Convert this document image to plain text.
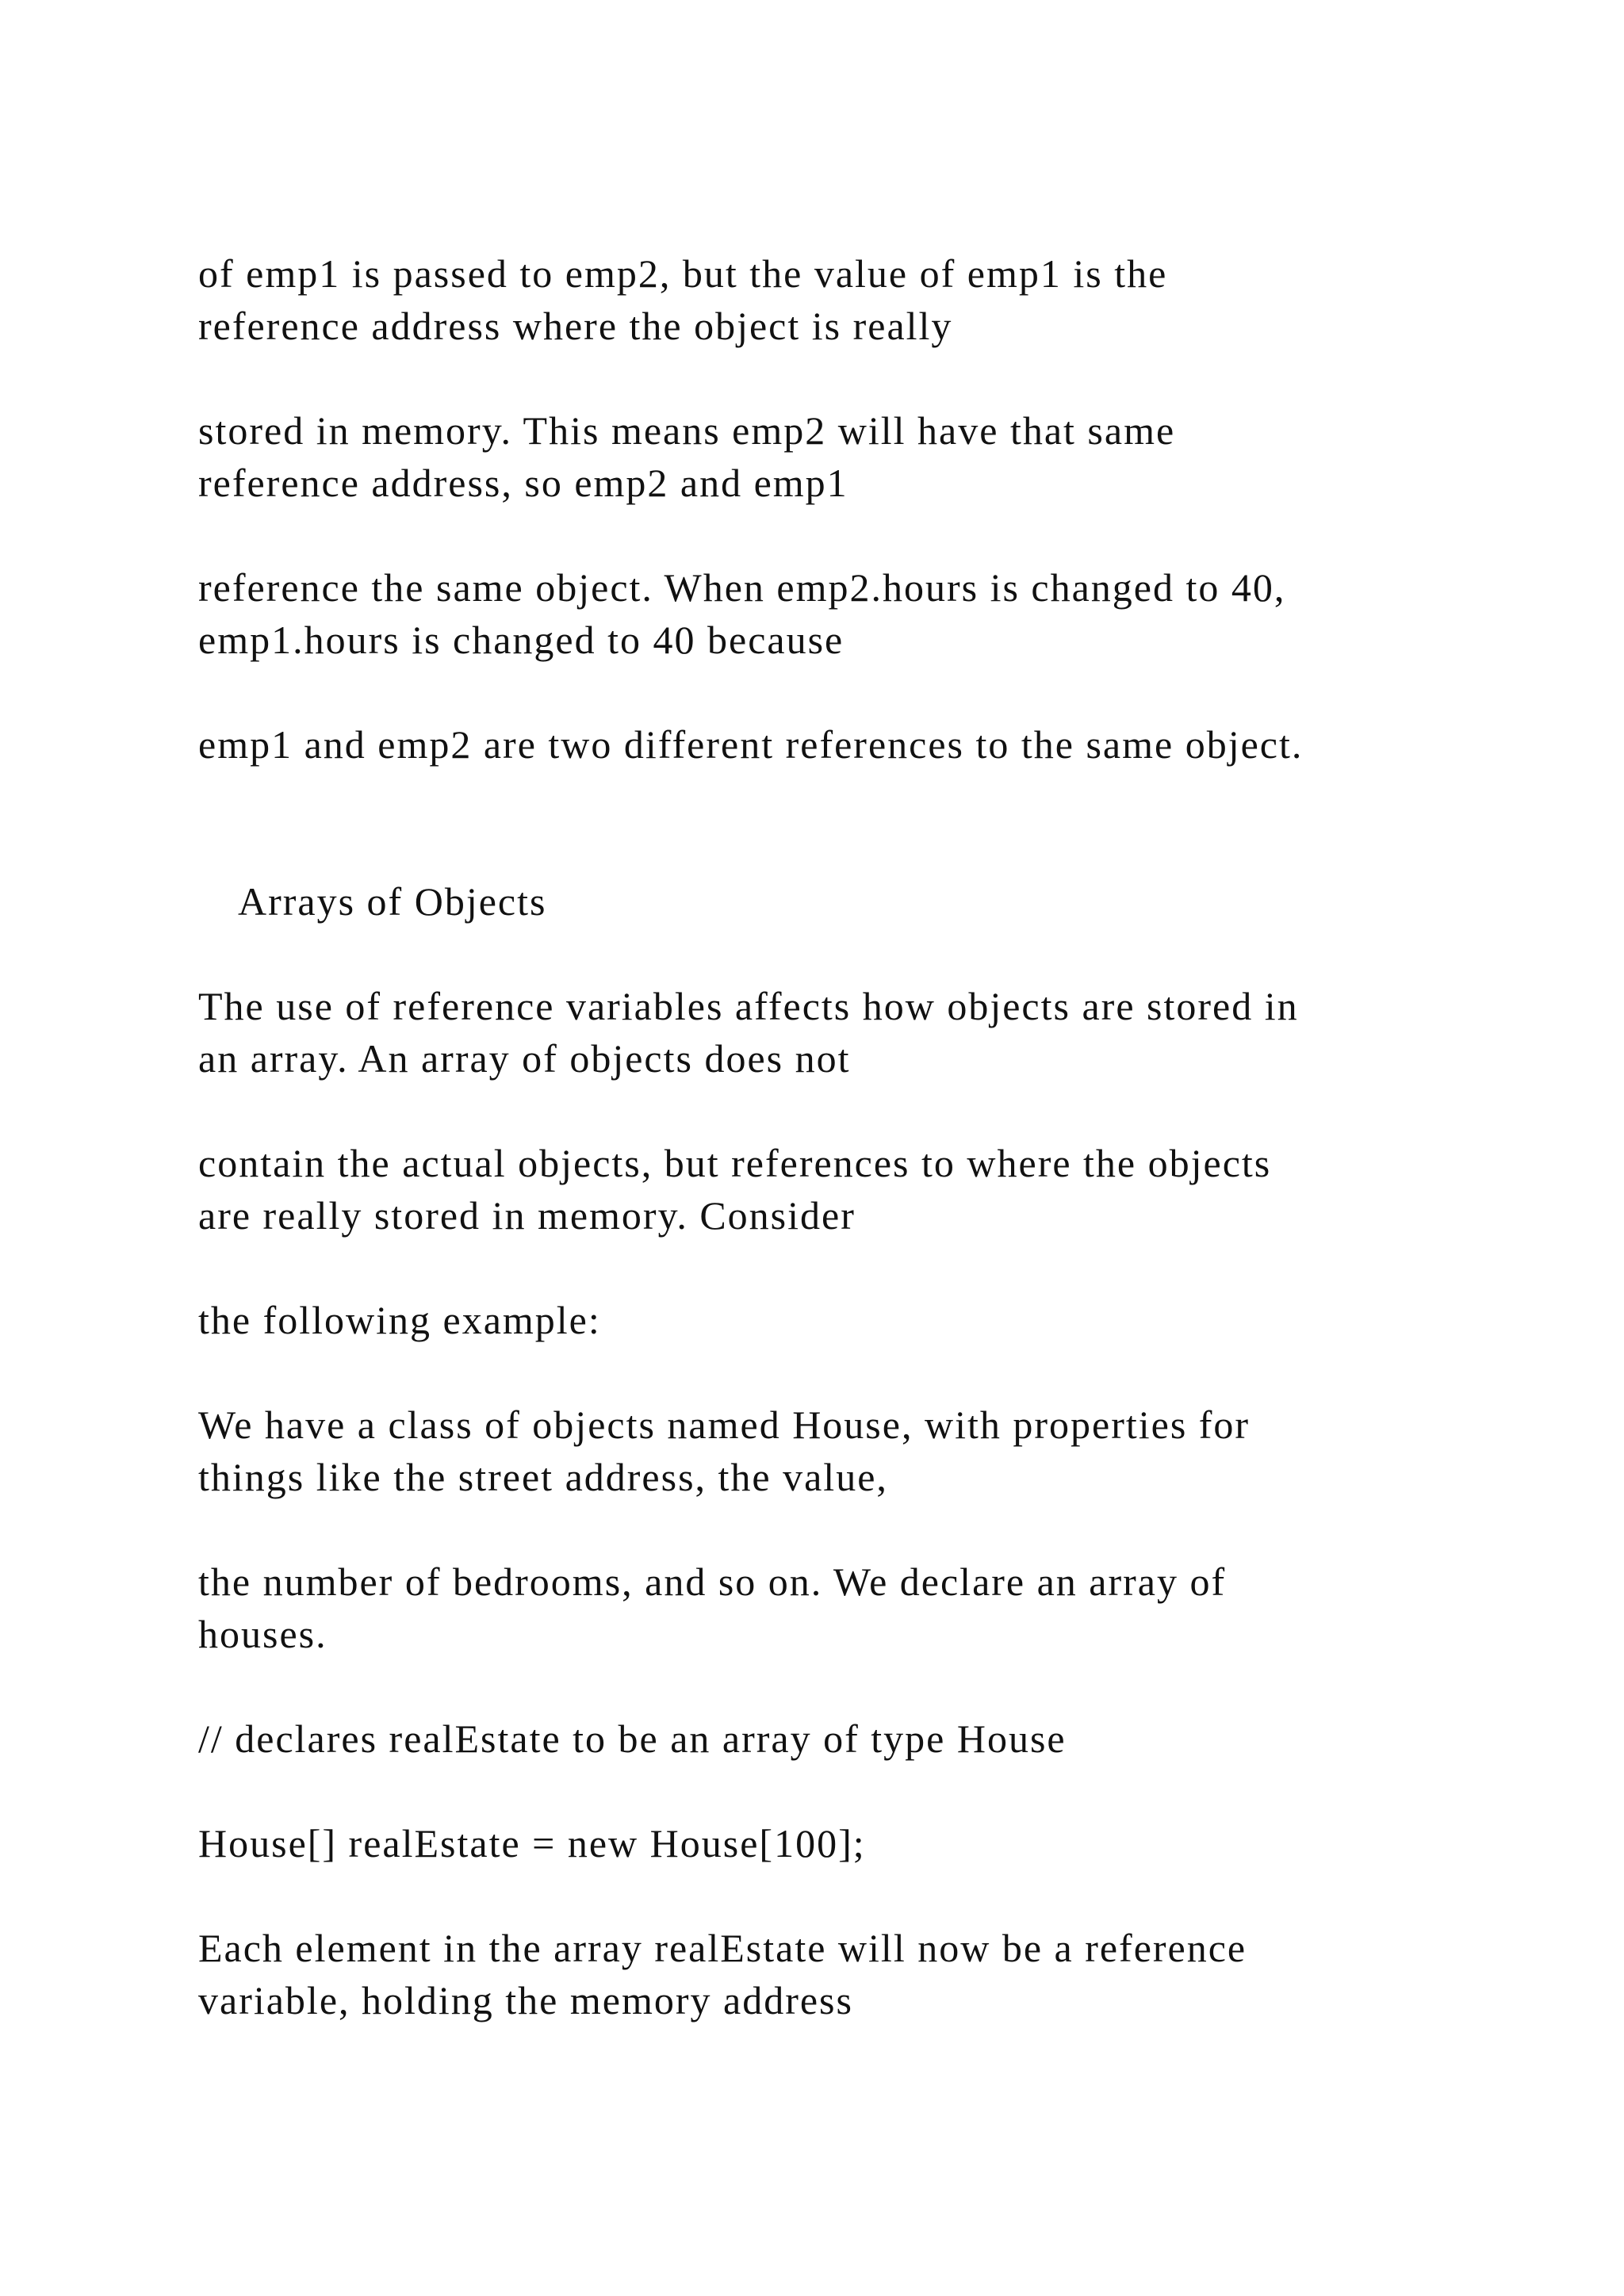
of emp1 is passed to emp2, but the value of emp1 is the
reference address where the object is really
stored in memory. This means emp2 will have that same
reference address, so emp2 and emp1
reference the same object. When emp2.hours is changed to 40,
emp1.hours is changed to 40 because
emp1 and emp2 are two different references to the same object.
Arrays of Objects
The use of reference variables affects how objects are stored in
an array. An array of objects does not
contain the actual objects, but references to where the objects
are really stored in memory. Consider
the following example:
We have a class of objects named House, with properties for
things like the street address, the value,
the number of bedrooms, and so on. We declare an array of
houses.
// declares realEstate to be an array of type House
House[] realEstate = new House[100];
Each element in the array realEstate will now be a reference
variable, holding the memory address
